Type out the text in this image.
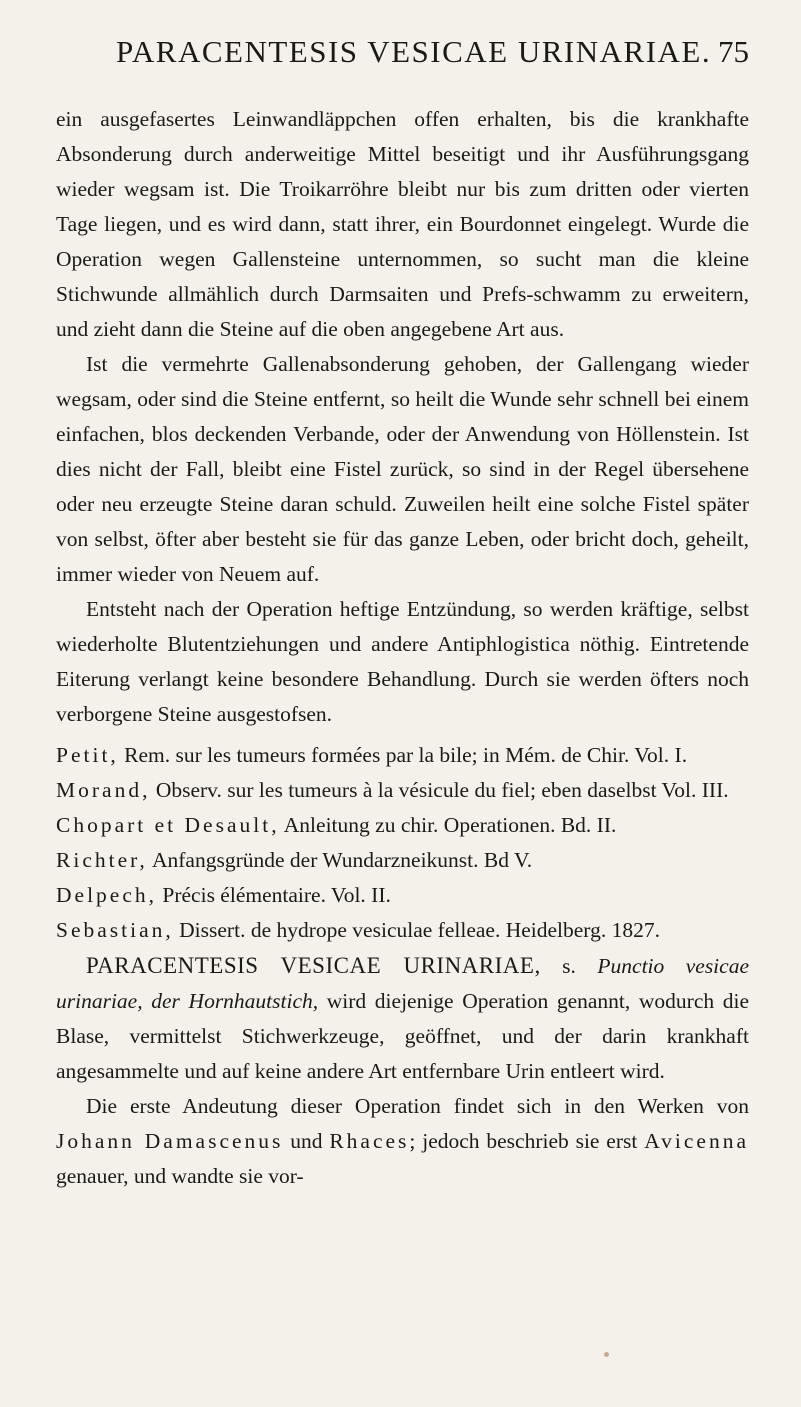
PARACENTESIS VESICAE URINARIAE. 75

ein ausgefasertes Leinwandläppchen offen erhalten, bis die krankhafte Absonderung durch anderweitige Mittel beseitigt und ihr Ausführungsgang wieder wegsam ist. Die Troikarröhre bleibt nur bis zum dritten oder vierten Tage liegen, und es wird dann, statt ihrer, ein Bourdonnet eingelegt. Wurde die Operation wegen Gallensteine unternommen, so sucht man die kleine Stichwunde allmählich durch Darmsaiten und Prefs-schwamm zu erweitern, und zieht dann die Steine auf die oben angegebene Art aus.

Ist die vermehrte Gallenabsonderung gehoben, der Gallengang wieder wegsam, oder sind die Steine entfernt, so heilt die Wunde sehr schnell bei einem einfachen, blos deckenden Verbande, oder der Anwendung von Höllenstein. Ist dies nicht der Fall, bleibt eine Fistel zurück, so sind in der Regel übersehene oder neu erzeugte Steine daran schuld. Zuweilen heilt eine solche Fistel später von selbst, öfter aber besteht sie für das ganze Leben, oder bricht doch, geheilt, immer wieder von Neuem auf.

Entsteht nach der Operation heftige Entzündung, so werden kräftige, selbst wiederholte Blutentziehungen und andere Antiphlogistica nöthig. Eintretende Eiterung verlangt keine besondere Behandlung. Durch sie werden öfters noch verborgene Steine ausgestofsen.

Petit, Rem. sur les tumeurs formées par la bile; in Mém. de Chir. Vol. I.

Morand, Observ. sur les tumeurs à la vésicule du fiel; eben daselbst Vol. III.

Chopart et Desault, Anleitung zu chir. Operationen. Bd. II.

Richter, Anfangsgründe der Wundarzneikunst. Bd V.

Delpech, Précis élémentaire. Vol. II.

Sebastian, Dissert. de hydrope vesiculae felleae. Heidelberg. 1827.

PARACENTESIS VESICAE URINARIAE, s. Punctio vesicae urinariae, der Hornhautstich, wird diejenige Operation genannt, wodurch die Blase, vermittelst Stichwerkzeuge, geöffnet, und der darin krankhaft angesammelte und auf keine andere Art entfernbare Urin entleert wird.

Die erste Andeutung dieser Operation findet sich in den Werken von Johann Damascenus und Rhaces; jedoch beschrieb sie erst Avicenna genauer, und wandte sie vor-
